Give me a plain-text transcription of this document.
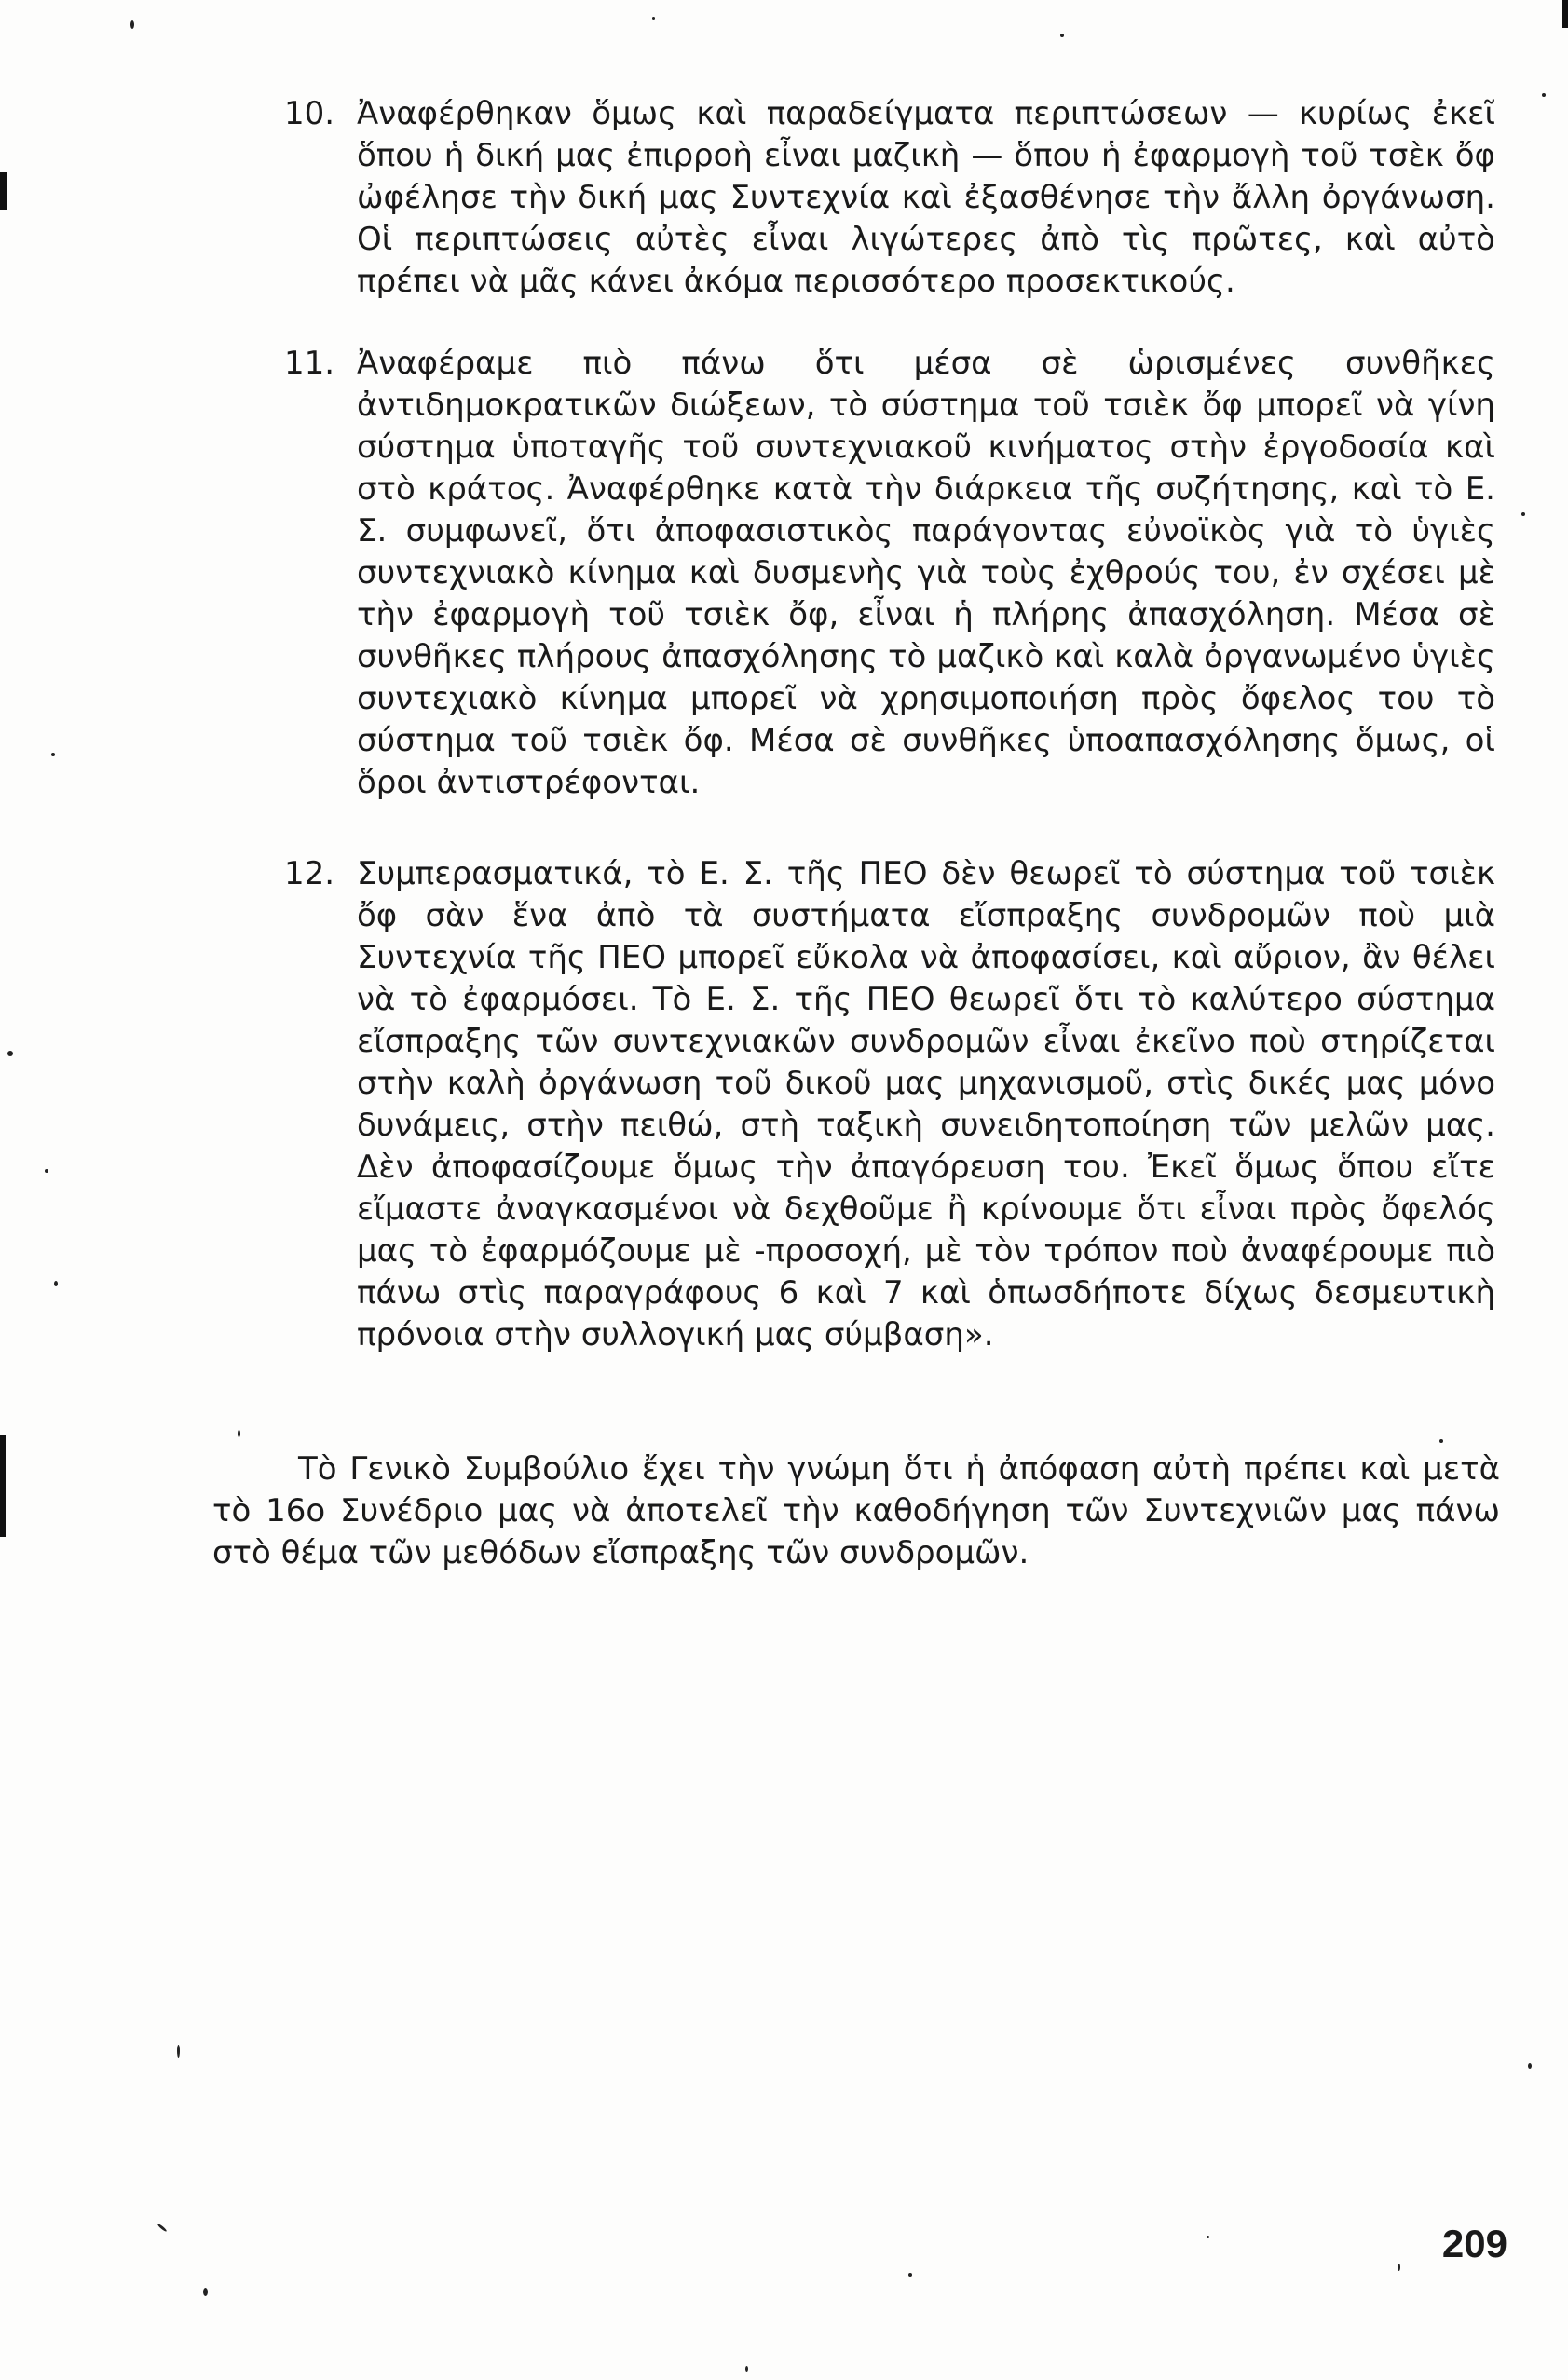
10. Ἀναφέρθηκαν ὅμως καὶ παραδείγματα περιπτώσεων — κυρίως ἐκεῖ ὅπου ἡ δική μας ἐπιρροὴ εἶναι μαζικὴ — ὅπου ἡ ἐφαρμογὴ τοῦ τσὲκ ὄφ ὠφέλησε τὴν δική μας Συντεχνία καὶ ἐξασθένησε τὴν ἄλλη ὀργάνωση. Οἱ περιπτώσεις αὐτὲς εἶναι λιγώτερες ἀπὸ τὶς πρῶτες, καὶ αὐτὸ πρέπει νὰ μᾶς κάνει ἀκόμα περισσότερο προσεκτικούς.
11. Ἀναφέραμε πιὸ πάνω ὅτι μέσα σὲ ὡρισμένες συνθῆκες ἀντιδημοκρατικῶν διώξεων, τὸ σύστημα τοῦ τσιὲκ ὄφ μπορεῖ νὰ γίνη σύστημα ὑποταγῆς τοῦ συντεχνιακοῦ κινήματος στὴν ἐργοδοσία καὶ στὸ κράτος. Ἀναφέρθηκε κατὰ τὴν διάρκεια τῆς συζήτησης, καὶ τὸ Ε. Σ. συμφωνεῖ, ὅτι ἀποφασιστικὸς παράγοντας εὐνοϊκὸς γιὰ τὸ ὑγιὲς συντεχνιακὸ κίνημα καὶ δυσμενὴς γιὰ τοὺς ἐχθρούς του, ἐν σχέσει μὲ τὴν ἐφαρμογὴ τοῦ τσιὲκ ὄφ, εἶναι ἡ πλήρης ἀπασχόληση. Μέσα σὲ συνθῆκες πλήρους ἀπασχόλησης τὸ μαζικὸ καὶ καλὰ ὀργανωμένο ὑγιὲς συντεχιακὸ κίνημα μπορεῖ νὰ χρησιμοποιήση πρὸς ὄφελος του τὸ σύστημα τοῦ τσιὲκ ὄφ. Μέσα σὲ συνθῆκες ὑποαπασχόλησης ὅμως, οἱ ὅροι ἀντιστρέφονται.
12. Συμπερασματικά, τὸ Ε. Σ. τῆς ΠΕΟ δὲν θεωρεῖ τὸ σύστημα τοῦ τσιὲκ ὄφ σὰν ἕνα ἀπὸ τὰ συστήματα εἴσπραξης συνδρομῶν ποὺ μιὰ Συντεχνία τῆς ΠΕΟ μπορεῖ εὔκολα νὰ ἀποφασίσει, καὶ αὔριον, ἂν θέλει νὰ τὸ ἐφαρμόσει. Τὸ Ε. Σ. τῆς ΠΕΟ θεωρεῖ ὅτι τὸ καλύτερο σύστημα εἴσπραξης τῶν συντεχνιακῶν συνδρομῶν εἶναι ἐκεῖνο ποὺ στηρίζεται στὴν καλὴ ὀργάνωση τοῦ δικοῦ μας μηχανισμοῦ, στὶς δικές μας μόνο δυνάμεις, στὴν πειθώ, στὴ ταξικὴ συνειδητοποίηση τῶν μελῶν μας. Δὲν ἀποφασίζουμε ὅμως τὴν ἀπαγόρευση του. Ἐκεῖ ὅμως ὅπου εἴτε εἴμαστε ἀναγκασμένοι νὰ δεχθοῦμε ἢ κρίνουμε ὅτι εἶναι πρὸς ὄφελός μας τὸ ἐφαρμόζουμε μὲ -προσοχή, μὲ τὸν τρόπον ποὺ ἀναφέρουμε πιὸ πάνω στὶς παραγράφους 6 καὶ 7 καὶ ὁπωσδήποτε δίχως δεσμευτικὴ πρόνοια στὴν συλλογική μας σύμβαση».
Τὸ Γενικὸ Συμβούλιο ἔχει τὴν γνώμη ὅτι ἡ ἀπόφαση αὐτὴ πρέπει καὶ μετὰ τὸ 16ο Συνέδριο μας νὰ ἀποτελεῖ τὴν καθοδήγηση τῶν Συντεχνιῶν μας πάνω στὸ θέμα τῶν μεθόδων εἴσπραξης τῶν συνδρομῶν.
209
